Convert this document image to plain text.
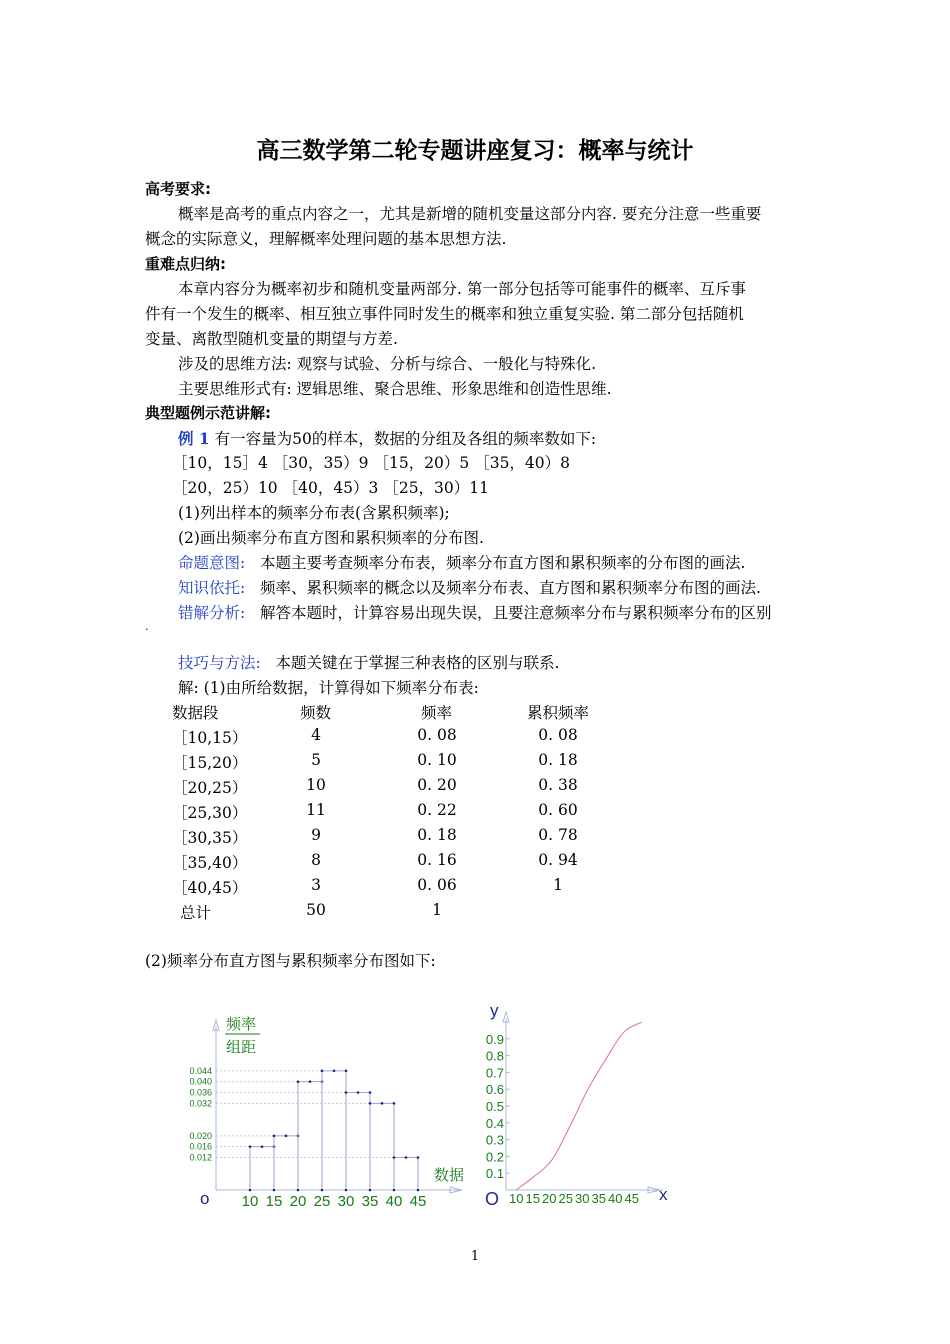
高三数学第二轮专题讲座复习：概率与统计
高考要求:
概率是高考的重点内容之一，尤其是新增的随机变量这部分内容. 要充分注意一些重要
概念的实际意义，理解概率处理问题的基本思想方法.
重难点归纳:
本章内容分为概率初步和随机变量两部分. 第一部分包括等可能事件的概率、互斥事
件有一个发生的概率、相互独立事件同时发生的概率和独立重复实验. 第二部分包括随机
变量、离散型随机变量的期望与方差.
涉及的思维方法: 观察与试验、分析与综合、一般化与特殊化.
主要思维形式有: 逻辑思维、聚合思维、形象思维和创造性思维.
典型题例示范讲解:
例 1 有一容量为50的样本，数据的分组及各组的频率数如下:
［10，15］4 ［30，35）9 ［15，20）5 ［35，40）8
［20，25）10 ［40，45）3 ［25，30）11
(1)列出样本的频率分布表(含累积频率);
(2)画出频率分布直方图和累积频率的分布图.
命题意图: 本题主要考查频率分布表，频率分布直方图和累积频率的分布图的画法.
知识依托: 频率、累积频率的概念以及频率分布表、直方图和累积频率分布图的画法.
错解分析: 解答本题时，计算容易出现失误，且要注意频率分布与累积频率分布的区别
.
技巧与方法: 本题关键在于掌握三种表格的区别与联系.
解: (1)由所给数据，计算得如下频率分布表:
数据段	频数	频率	累积频率
［10,15）	4	0. 08	0. 08
［15,20）	5	0. 10	0. 18
［20,25）	10	0. 20	0. 38
［25,30）	11	0. 22	0. 60
［30,35）	9	0. 18	0. 78
［35,40）	8	0. 16	0. 94
［40,45）	3	0. 06	1
总计	50	1
(2)频率分布直方图与累积频率分布图如下:
频率
组距
数据
o
0.044
0.040
0.036
0.032
0.020
0.016
0.012
10 15 20 25 30 35 40 45
0.1
0.2
0.3
0.4
0.5
0.6
0.7
0.8
0.9
10 15 20 25 30 35 40 45
y
x
O
1
